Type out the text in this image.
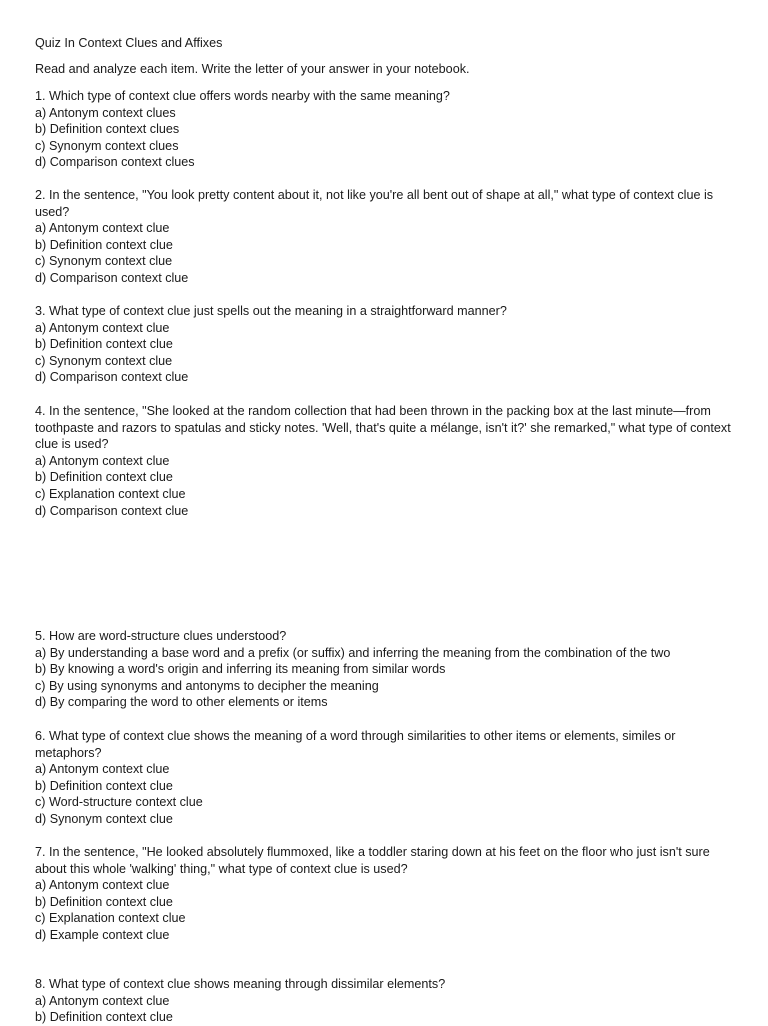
Quiz In Context Clues and Affixes
Read and analyze each item. Write the letter of your answer in your notebook.

1. Which type of context clue offers words nearby with the same meaning?

a) Antonym context clues

b) Definition context clues

c) Synonym context clues

d) Comparison context clues

2. In the sentence, "You look pretty content about it, not like you're all bent out of shape at all," what type of context clue is used?

a) Antonym context clue

b) Definition context clue

c) Synonym context clue

d) Comparison context clue

3. What type of context clue just spells out the meaning in a straightforward manner?

a) Antonym context clue

b) Definition context clue

c) Synonym context clue

d) Comparison context clue

4. In the sentence, "She looked at the random collection that had been thrown in the packing box at the last minute—from toothpaste and razors to spatulas and sticky notes. 'Well, that's quite a mélange, isn't it?' she remarked," what type of context clue is used?

a) Antonym context clue

b) Definition context clue

c) Explanation context clue

d) Comparison context clue

5. How are word-structure clues understood?

a) By understanding a base word and a prefix (or suffix) and inferring the meaning from the combination of the two

b) By knowing a word's origin and inferring its meaning from similar words

c) By using synonyms and antonyms to decipher the meaning

d) By comparing the word to other elements or items

6. What type of context clue shows the meaning of a word through similarities to other items or elements, similes or metaphors?

a) Antonym context clue

b) Definition context clue

c) Word-structure context clue

d) Synonym context clue

7. In the sentence, "He looked absolutely flummoxed, like a toddler staring down at his feet on the floor who just isn't sure about this whole 'walking' thing," what type of context clue is used?

a) Antonym context clue

b) Definition context clue

c) Explanation context clue

d) Example context clue

8. What type of context clue shows meaning through dissimilar elements?

a) Antonym context clue

b) Definition context clue
